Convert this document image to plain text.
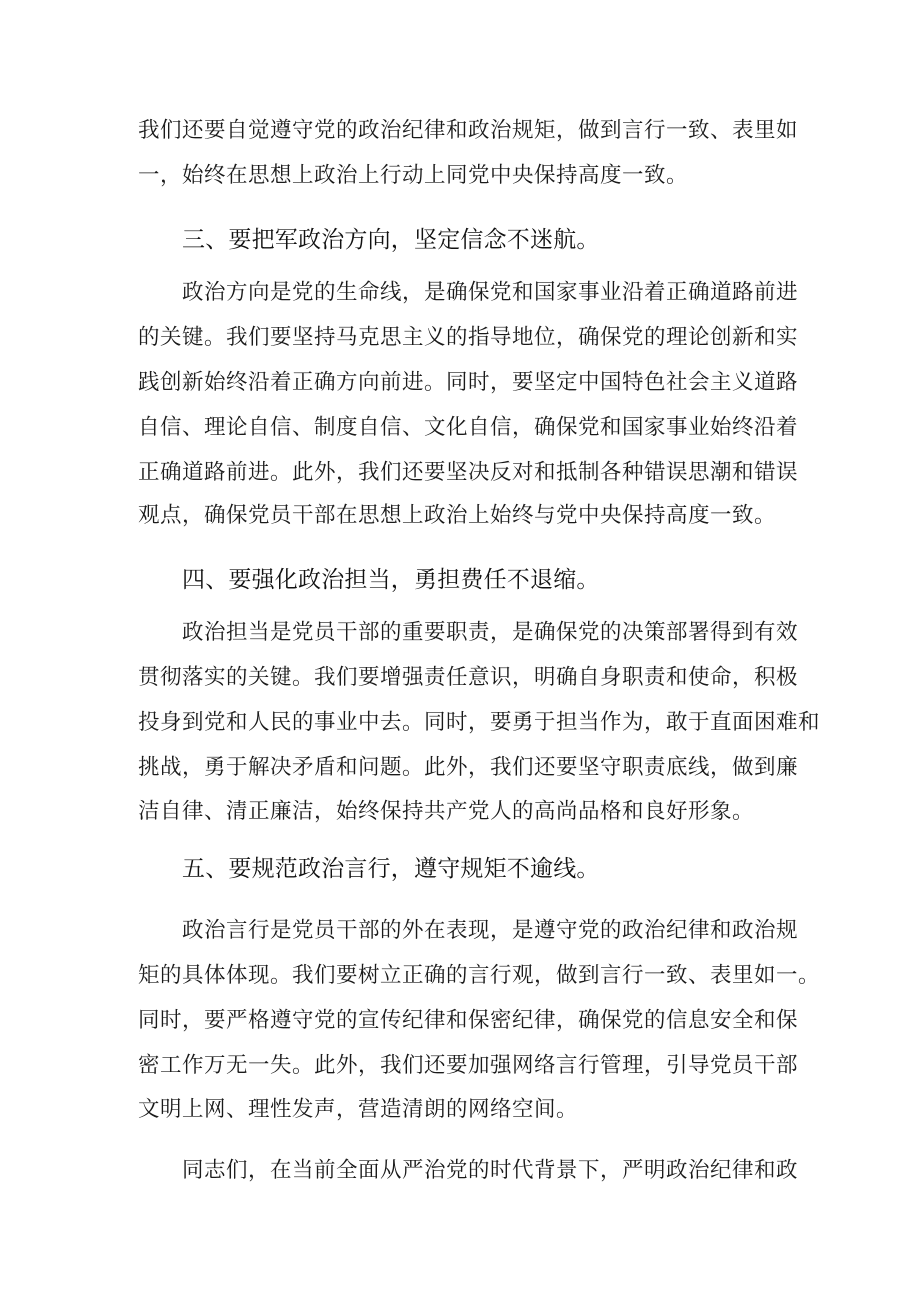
我们还要自觉遵守党的政治纪律和政治规矩，做到言行一致、表里如
一，始终在思想上政治上行动上同党中央保持高度一致。
三、要把军政治方向，坚定信念不迷航。
政治方向是党的生命线，是确保党和国家事业沿着正确道路前进
的关键。我们要坚持马克思主义的指导地位，确保党的理论创新和实
践创新始终沿着正确方向前进。同时，要坚定中国特色社会主义道路
自信、理论自信、制度自信、文化自信，确保党和国家事业始终沿着
正确道路前进。此外，我们还要坚决反对和抵制各种错误思潮和错误
观点，确保党员干部在思想上政治上始终与党中央保持高度一致。
四、要强化政治担当，勇担费任不退缩。
政治担当是党员干部的重要职责，是确保党的决策部署得到有效
贯彻落实的关键。我们要增强责任意识，明确自身职责和使命，积极
投身到党和人民的事业中去。同时，要勇于担当作为，敢于直面困难和
挑战，勇于解决矛盾和问题。此外，我们还要坚守职责底线，做到廉
洁自律、清正廉洁，始终保持共产党人的高尚品格和良好形象。
五、要规范政治言行，遵守规矩不逾线。
政治言行是党员干部的外在表现，是遵守党的政治纪律和政治规
矩的具体体现。我们要树立正确的言行观，做到言行一致、表里如一。
同时，要严格遵守党的宣传纪律和保密纪律，确保党的信息安全和保
密工作万无一失。此外，我们还要加强网络言行管理，引导党员干部
文明上网、理性发声，营造清朗的网络空间。
同志们，在当前全面从严治党的时代背景下，严明政治纪律和政
